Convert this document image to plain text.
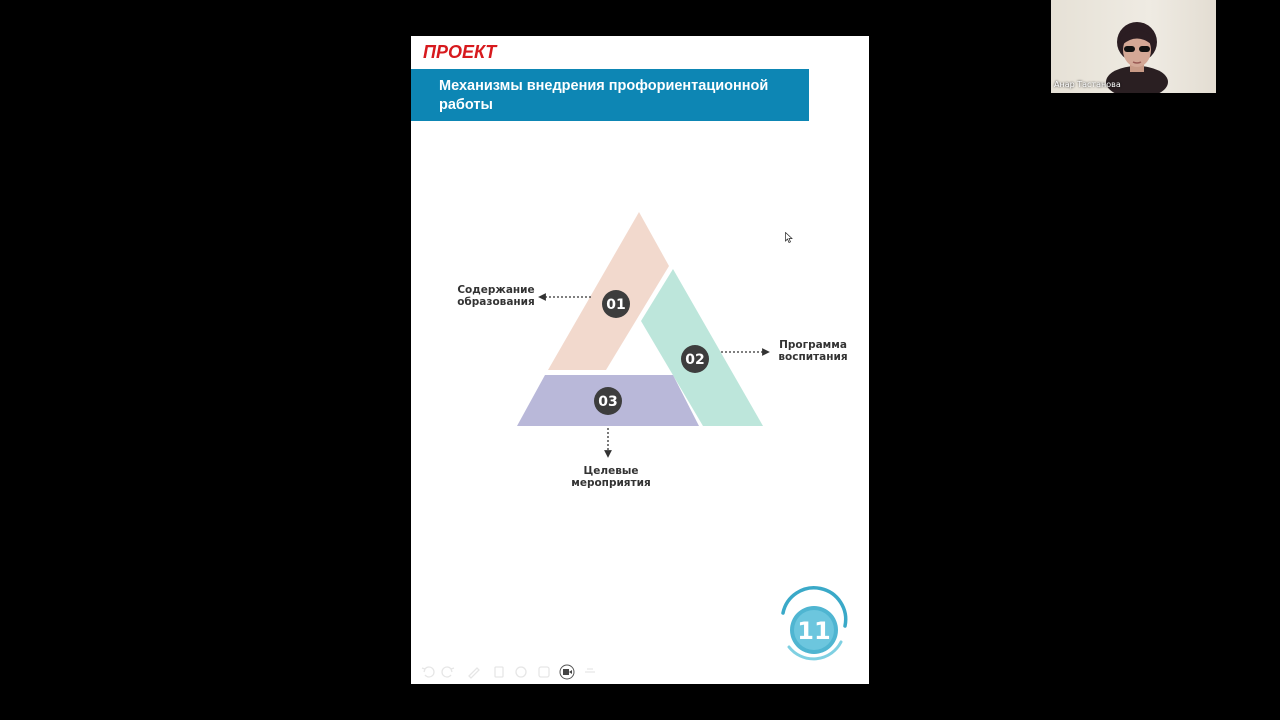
ПРОЕКТ
Механизмы внедрения профориентационной работы
01
02
03
11
Содержание
образования
Программа
воспитания
Целевые
мероприятия
Анар Тастанова
